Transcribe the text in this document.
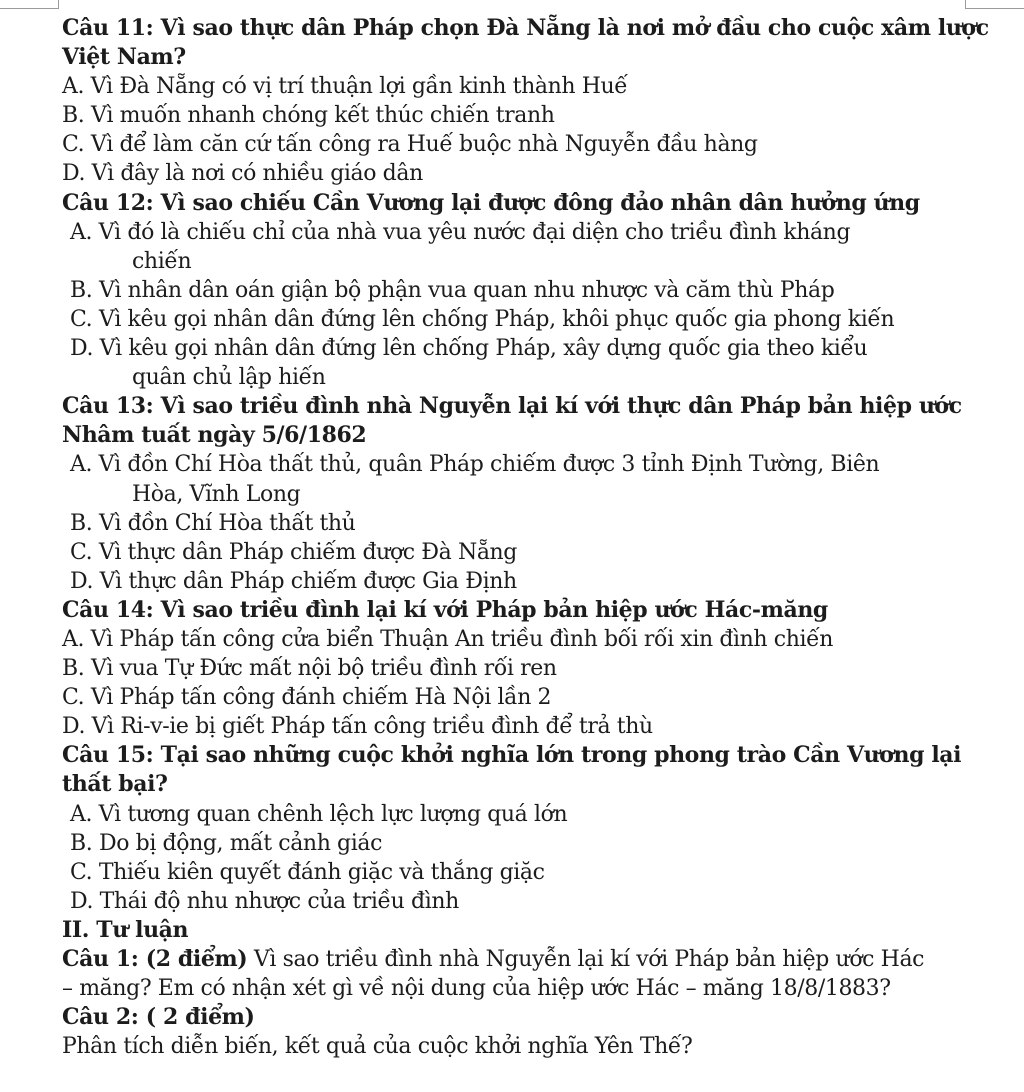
Câu 11: Vì sao thực dân Pháp chọn Đà Nẵng là nơi mở đầu cho cuộc xâm lược
Việt Nam?
A. Vì Đà Nẵng có vị trí thuận lợi gần kinh thành Huế
B. Vì muốn nhanh chóng kết thúc chiến tranh
C. Vì để làm căn cứ tấn công ra Huế buộc nhà Nguyễn đầu hàng
D. Vì đây là nơi có nhiều giáo dân
Câu 12: Vì sao chiếu Cần Vương lại được đông đảo nhân dân hưởng ứng
A. Vì đó là chiếu chỉ của nhà vua yêu nước đại diện cho triều đình kháng
chiến
B. Vì nhân dân oán giận bộ phận vua quan nhu nhược và căm thù Pháp
C. Vì kêu gọi nhân dân đứng lên chống Pháp, khôi phục quốc gia phong kiến
D. Vì kêu gọi nhân dân đứng lên chống Pháp, xây dựng quốc gia theo kiểu
quân chủ lập hiến
Câu 13: Vì sao triều đình nhà Nguyễn lại kí với thực dân Pháp bản hiệp ước
Nhâm tuất ngày 5/6/1862
A. Vì đồn Chí Hòa thất thủ, quân Pháp chiếm được 3 tỉnh Định Tường, Biên
Hòa, Vĩnh Long
B. Vì đồn Chí Hòa thất thủ
C. Vì thực dân Pháp chiếm được Đà Nẵng
D. Vì thực dân Pháp chiếm được Gia Định
Câu 14: Vì sao triều đình lại kí với Pháp bản hiệp ước Hác-măng
A. Vì Pháp tấn công cửa biển Thuận An triều đình bối rối xin đình chiến
B. Vì vua Tự Đức mất nội bộ triều đình rối ren
C. Vì Pháp tấn công đánh chiếm Hà Nội lần 2
D. Vì Ri-v-ie bị giết Pháp tấn công triều đình để trả thù
Câu 15: Tại sao những cuộc khởi nghĩa lớn trong phong trào Cần Vương lại
thất bại?
A. Vì tương quan chênh lệch lực lượng quá lớn
B. Do bị động, mất cảnh giác
C. Thiếu kiên quyết đánh giặc và thắng giặc
D. Thái độ nhu nhược của triều đình
II. Tư luận
Câu 1: (2 điểm) Vì sao triều đình nhà Nguyễn lại kí với Pháp bản hiệp ước Hác
– măng? Em có nhận xét gì về nội dung của hiệp ước Hác – măng 18/8/1883?
Câu 2: ( 2 điểm)
Phân tích diễn biến, kết quả của cuộc khởi nghĩa Yên Thế?
